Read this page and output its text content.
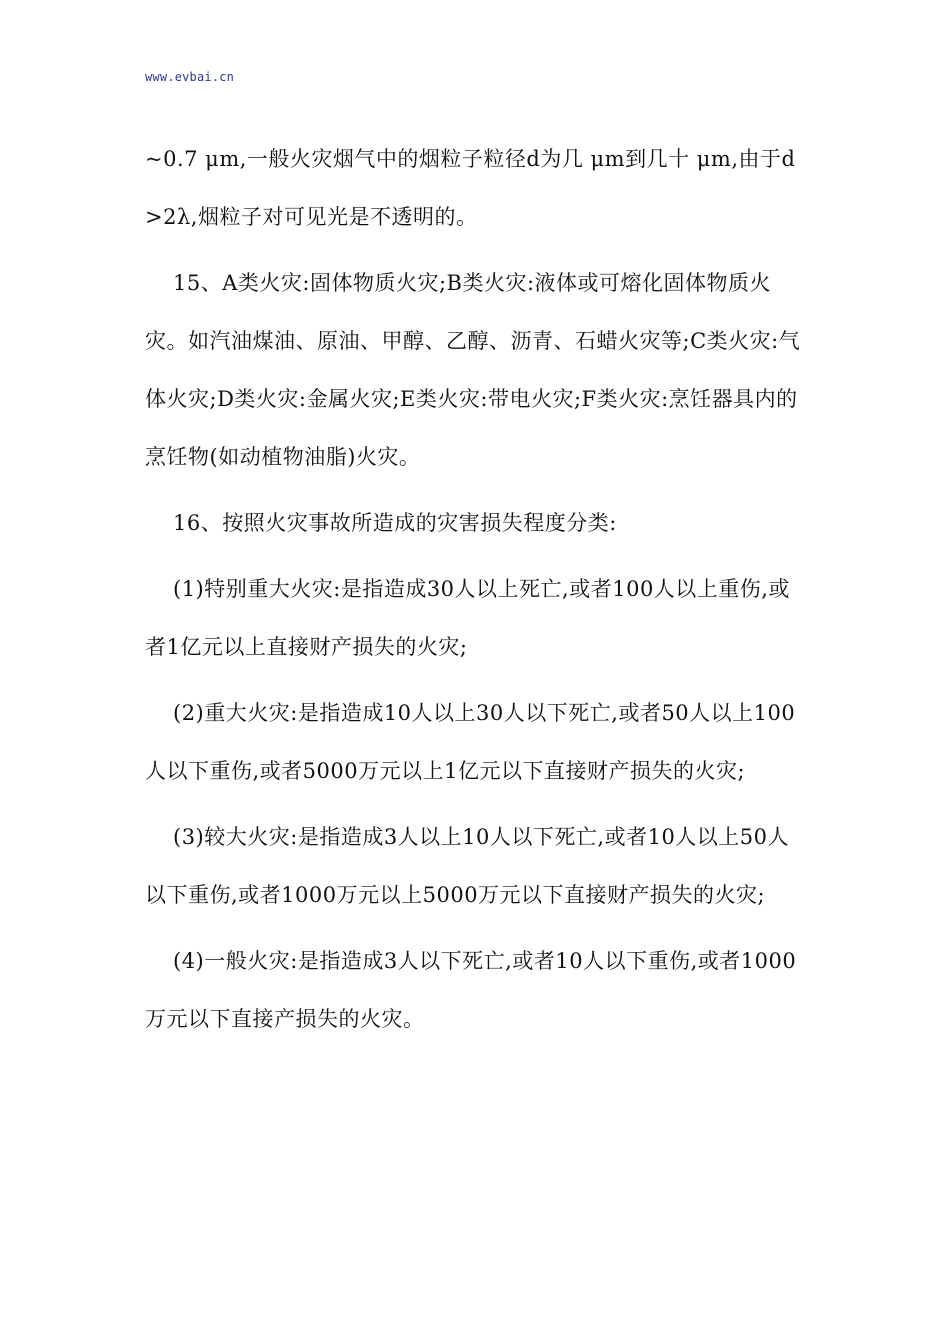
www.evbai.cn

~0.7 μm,一般火灾烟气中的烟粒子粒径d为几 μm到几十 μm,由于d>2λ,烟粒子对可见光是不透明的。

15、A类火灾:固体物质火灾;B类火灾:液体或可熔化固体物质火灾。如汽油煤油、原油、甲醇、乙醇、沥青、石蜡火灾等;C类火灾:气体火灾;D类火灾:金属火灾;E类火灾:带电火灾;F类火灾:烹饪器具内的烹饪物(如动植物油脂)火灾。

16、按照火灾事故所造成的灾害损失程度分类:

(1)特别重大火灾:是指造成30人以上死亡,或者100人以上重伤,或者1亿元以上直接财产损失的火灾;

(2)重大火灾:是指造成10人以上30人以下死亡,或者50人以上100人以下重伤,或者5000万元以上1亿元以下直接财产损失的火灾;

(3)较大火灾:是指造成3人以上10人以下死亡,或者10人以上50人以下重伤,或者1000万元以上5000万元以下直接财产损失的火灾;

(4)一般火灾:是指造成3人以下死亡,或者10人以下重伤,或者1000万元以下直接产损失的火灾。
